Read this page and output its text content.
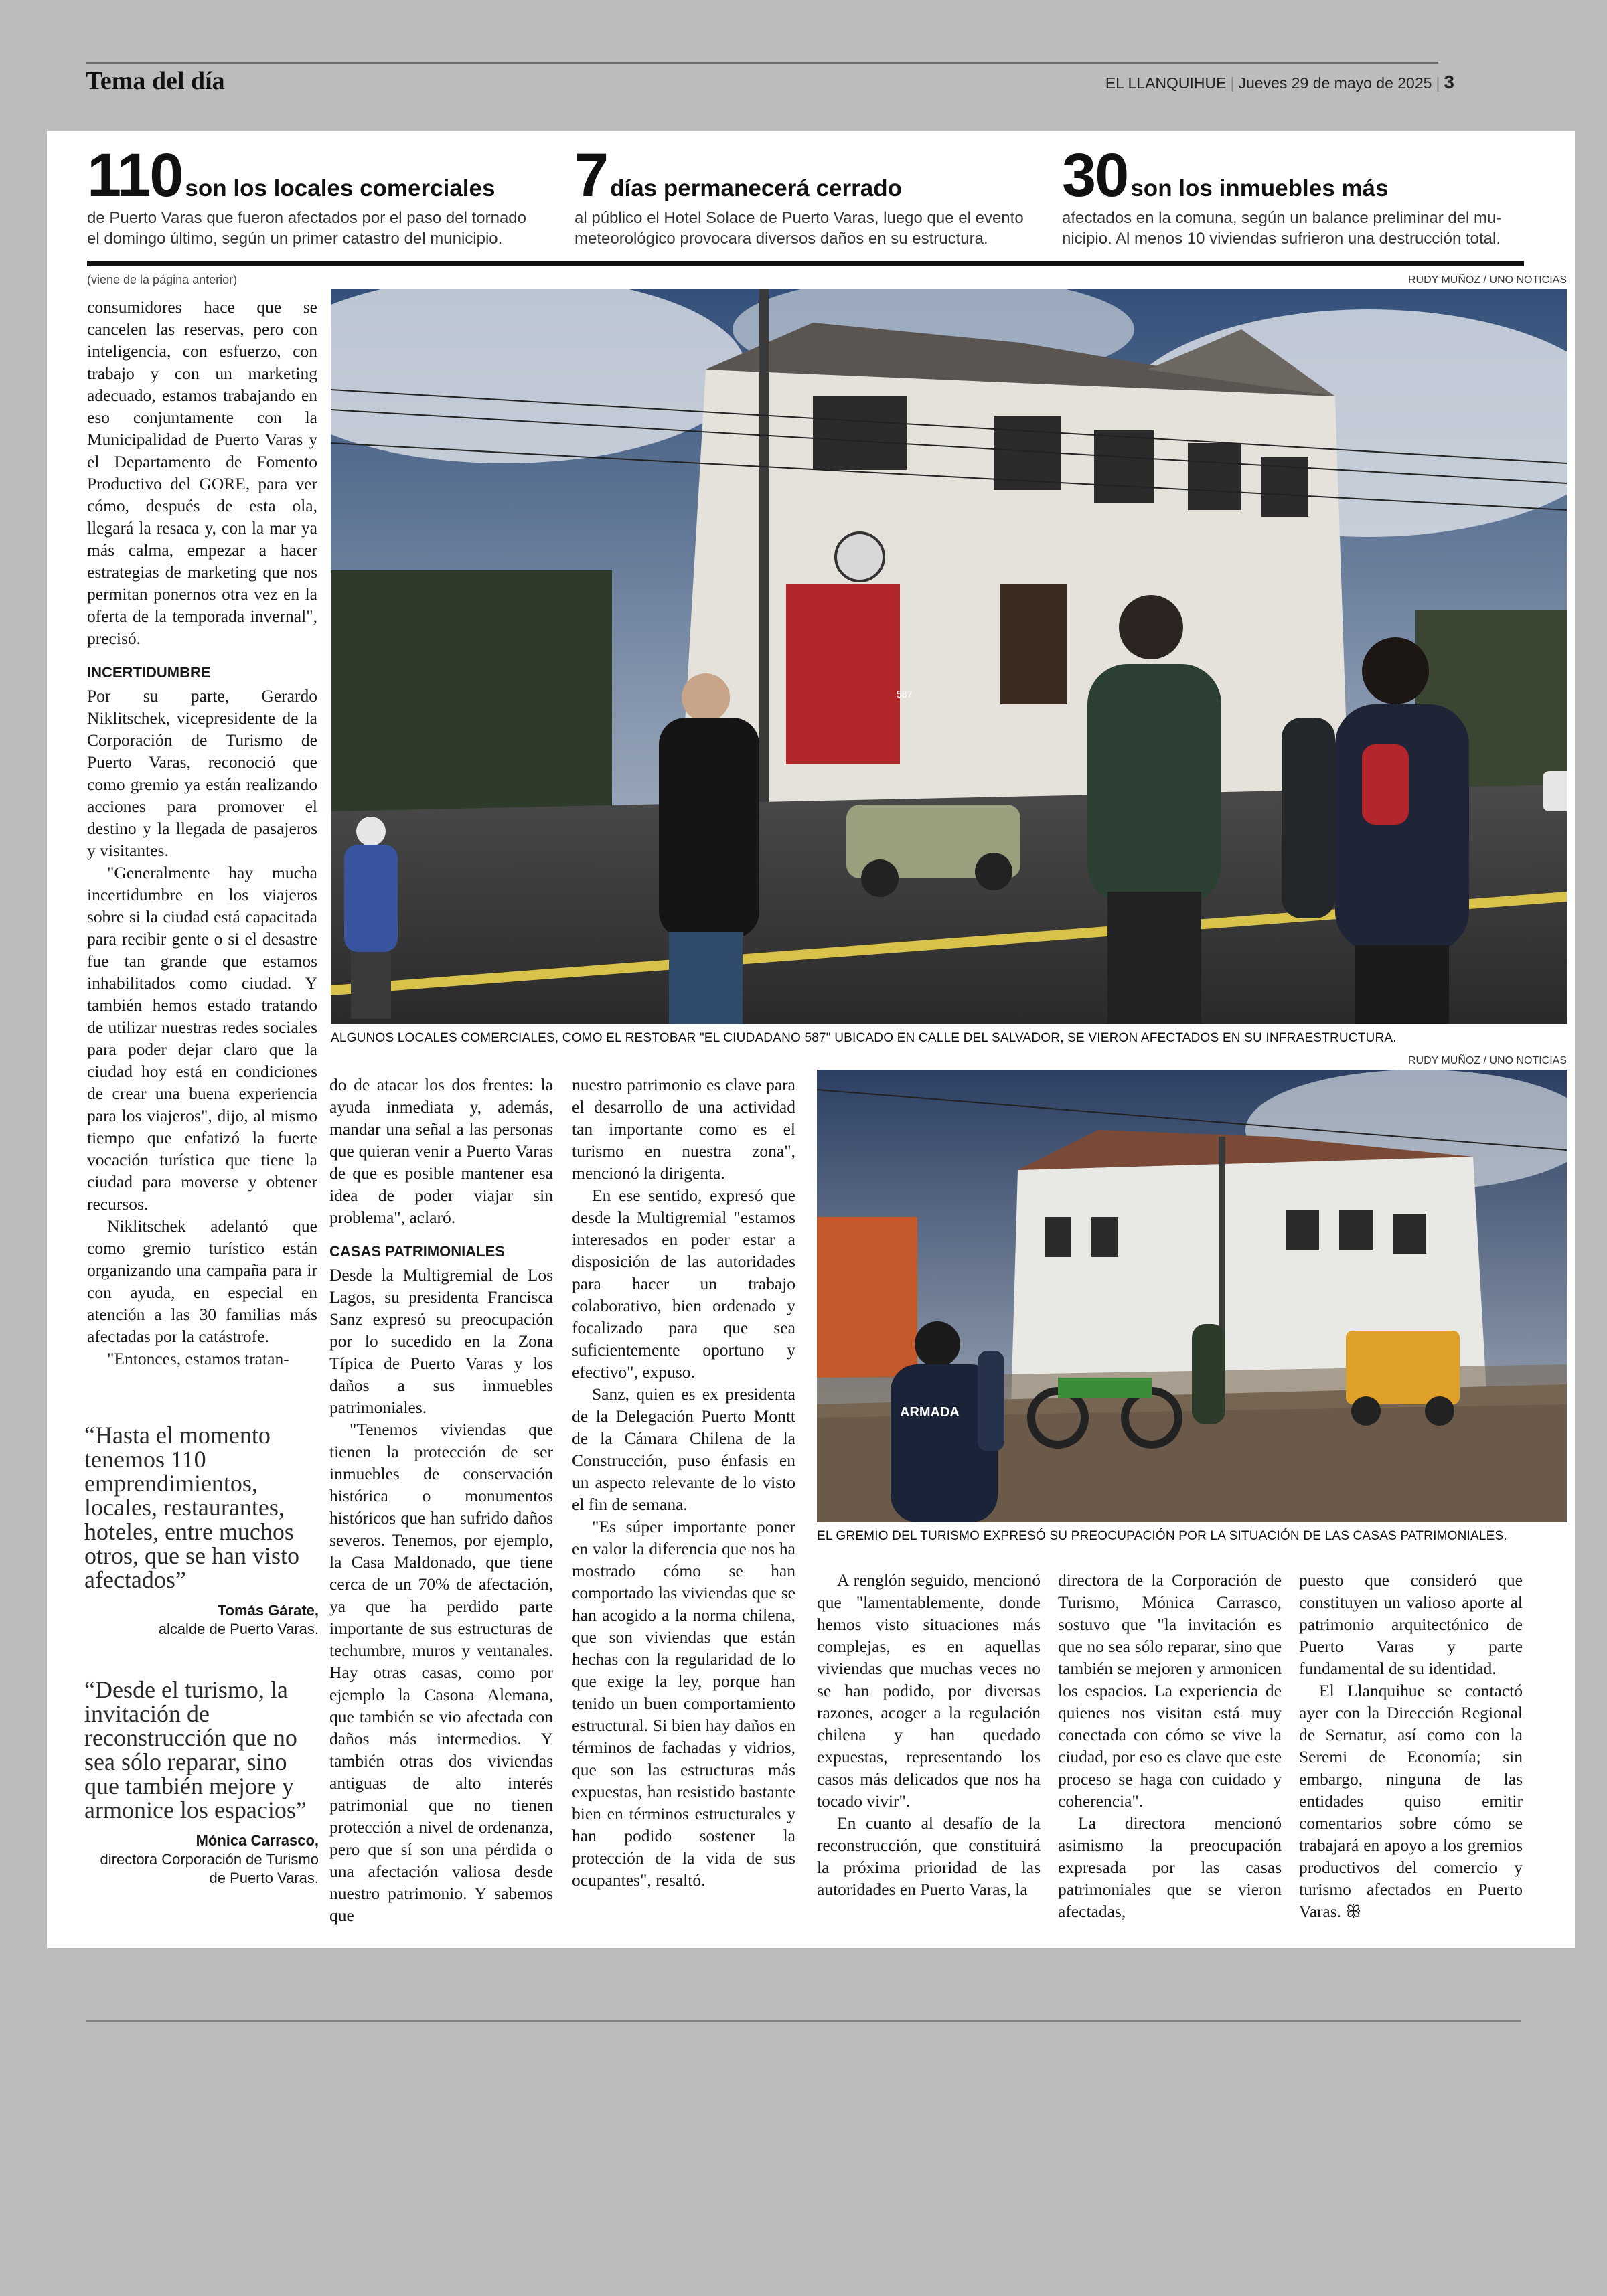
Tema del día	EL LLANQUIHUE | Jueves 29 de mayo de 2025 | 3
110 son los locales comerciales
de Puerto Varas que fueron afectados por el paso del tornado
el domingo último, según un primer catastro del municipio.
7 días permanecerá cerrado
al público el Hotel Solace de Puerto Varas, luego que el evento
meteorológico provocara diversos daños en su estructura.
30 son los inmuebles más
afectados en la comuna, según un balance preliminar del mu-
nicipio. Al menos 10 viviendas sufrieron una destrucción total.
(viene de la página anterior)	RUDY MUÑOZ / UNO NOTICIAS
587
ALGUNOS LOCALES COMERCIALES, COMO EL RESTOBAR "EL CIUDADANO 587" UBICADO EN CALLE DEL SALVADOR, SE VIERON AFECTADOS EN SU INFRAESTRUCTURA.
RUDY MUÑOZ / UNO NOTICIAS
ARMADA
EL GREMIO DEL TURISMO EXPRESÓ SU PREOCUPACIÓN POR LA SITUACIÓN DE LAS CASAS PATRIMONIALES.

consumidores hace que se cancelen las reservas, pero con inteligencia, con esfuerzo, con trabajo y con un marketing adecuado, estamos trabajando en eso conjuntamente con la Municipalidad de Puerto Varas y el Departamento de Fomento Productivo del GORE, para ver cómo, después de esta ola, llegará la resaca y, con la mar ya más calma, empezar a hacer estrategias de marketing que nos permitan ponernos otra vez en la oferta de la temporada invernal", precisó.

INCERTIDUMBRE

Por su parte, Gerardo Niklitschek, vicepresidente de la Corporación de Turismo de Puerto Varas, reconoció que como gremio ya están realizando acciones para promover el destino y la llegada de pasajeros y visitantes.

"Generalmente hay mucha incertidumbre en los viajeros sobre si la ciudad está capacitada para recibir gente o si el desastre fue tan grande que estamos inhabilitados como ciudad. Y también hemos estado tratando de utilizar nuestras redes sociales para poder dejar claro que la ciudad hoy está en condiciones de crear una buena experiencia para los viajeros", dijo, al mismo tiempo que enfatizó la fuerte vocación turística que tiene la ciudad para moverse y obtener recursos.

Niklitschek adelantó que como gremio turístico están organizando una campaña para ir con ayuda, en especial en atención a las 30 familias más afectadas por la catástrofe.

"Entonces, estamos tratan-

“Hasta el momento tenemos 110 emprendimientos, locales, restaurantes, hoteles, entre muchos otros, que se han visto afectados”
Tomás Gárate,
alcalde de Puerto Varas.
“Desde el turismo, la invitación de reconstrucción que no sea sólo reparar, sino que también mejore y armonice los espacios”
Mónica Carrasco,
directora Corporación de Turismo de Puerto Varas.

do de atacar los dos frentes: la ayuda inmediata y, además, mandar una señal a las personas que quieran venir a Puerto Varas de que es posible mantener esa idea de poder viajar sin problema", aclaró.

CASAS PATRIMONIALES

Desde la Multigremial de Los Lagos, su presidenta Francisca Sanz expresó su preocupación por lo sucedido en la Zona Típica de Puerto Varas y los daños a sus inmuebles patrimoniales.

"Tenemos viviendas que tienen la protección de ser inmuebles de conservación histórica o monumentos históricos que han sufrido daños severos. Tenemos, por ejemplo, la Casa Maldonado, que tiene cerca de un 70% de afectación, ya que ha perdido parte importante de sus estructuras de techumbre, muros y ventanales. Hay otras casas, como por ejemplo la Casona Alemana, que también se vio afectada con daños más intermedios. Y también otras dos viviendas antiguas de alto interés patrimonial que no tienen protección a nivel de ordenanza, pero que sí son una pérdida o una afectación valiosa desde nuestro patrimonio. Y sabemos que

nuestro patrimonio es clave para el desarrollo de una actividad tan importante como es el turismo en nuestra zona", mencionó la dirigenta.

En ese sentido, expresó que desde la Multigremial "estamos interesados en poder estar a disposición de las autoridades para hacer un trabajo colaborativo, bien ordenado y focalizado para que sea suficientemente oportuno y efectivo", expuso.

Sanz, quien es ex presidenta de la Delegación Puerto Montt de la Cámara Chilena de la Construcción, puso énfasis en un aspecto relevante de lo visto el fin de semana.

"Es súper importante poner en valor la diferencia que nos ha mostrado cómo se han comportado las viviendas que se han acogido a la norma chilena, que son viviendas que están hechas con la regularidad de lo que exige la ley, porque han tenido un buen comportamiento estructural. Si bien hay daños en términos de fachadas y vidrios, que son las estructuras más expuestas, han resistido bastante bien en términos estructurales y han podido sostener la protección de la vida de sus ocupantes", resaltó.

A renglón seguido, mencionó que "lamentablemente, donde hemos visto situaciones más complejas, es en aquellas viviendas que muchas veces no se han podido, por diversas razones, acoger a la regulación chilena y han quedado expuestas, representando los casos más delicados que nos ha tocado vivir".

En cuanto al desafío de la reconstrucción, que constituirá la próxima prioridad de las autoridades en Puerto Varas, la

directora de la Corporación de Turismo, Mónica Carrasco, sostuvo que "la invitación es que no sea sólo reparar, sino que también se mejoren y armonicen los espacios. La experiencia de quienes nos visitan está muy conectada con cómo se vive la ciudad, por eso es clave que este proceso se haga con cuidado y coherencia".

La directora mencionó asimismo la preocupación expresada por las casas patrimoniales que se vieron afectadas,

puesto que consideró que constituyen un valioso aporte al patrimonio arquitectónico de Puerto Varas y parte fundamental de su identidad.

El Llanquihue se contactó ayer con la Dirección Regional de Sernatur, así como con la Seremi de Economía; sin embargo, ninguna de las entidades quiso emitir comentarios sobre cómo se trabajará en apoyo a los gremios productivos del comercio y turismo afectados en Puerto Varas. ꕥ
